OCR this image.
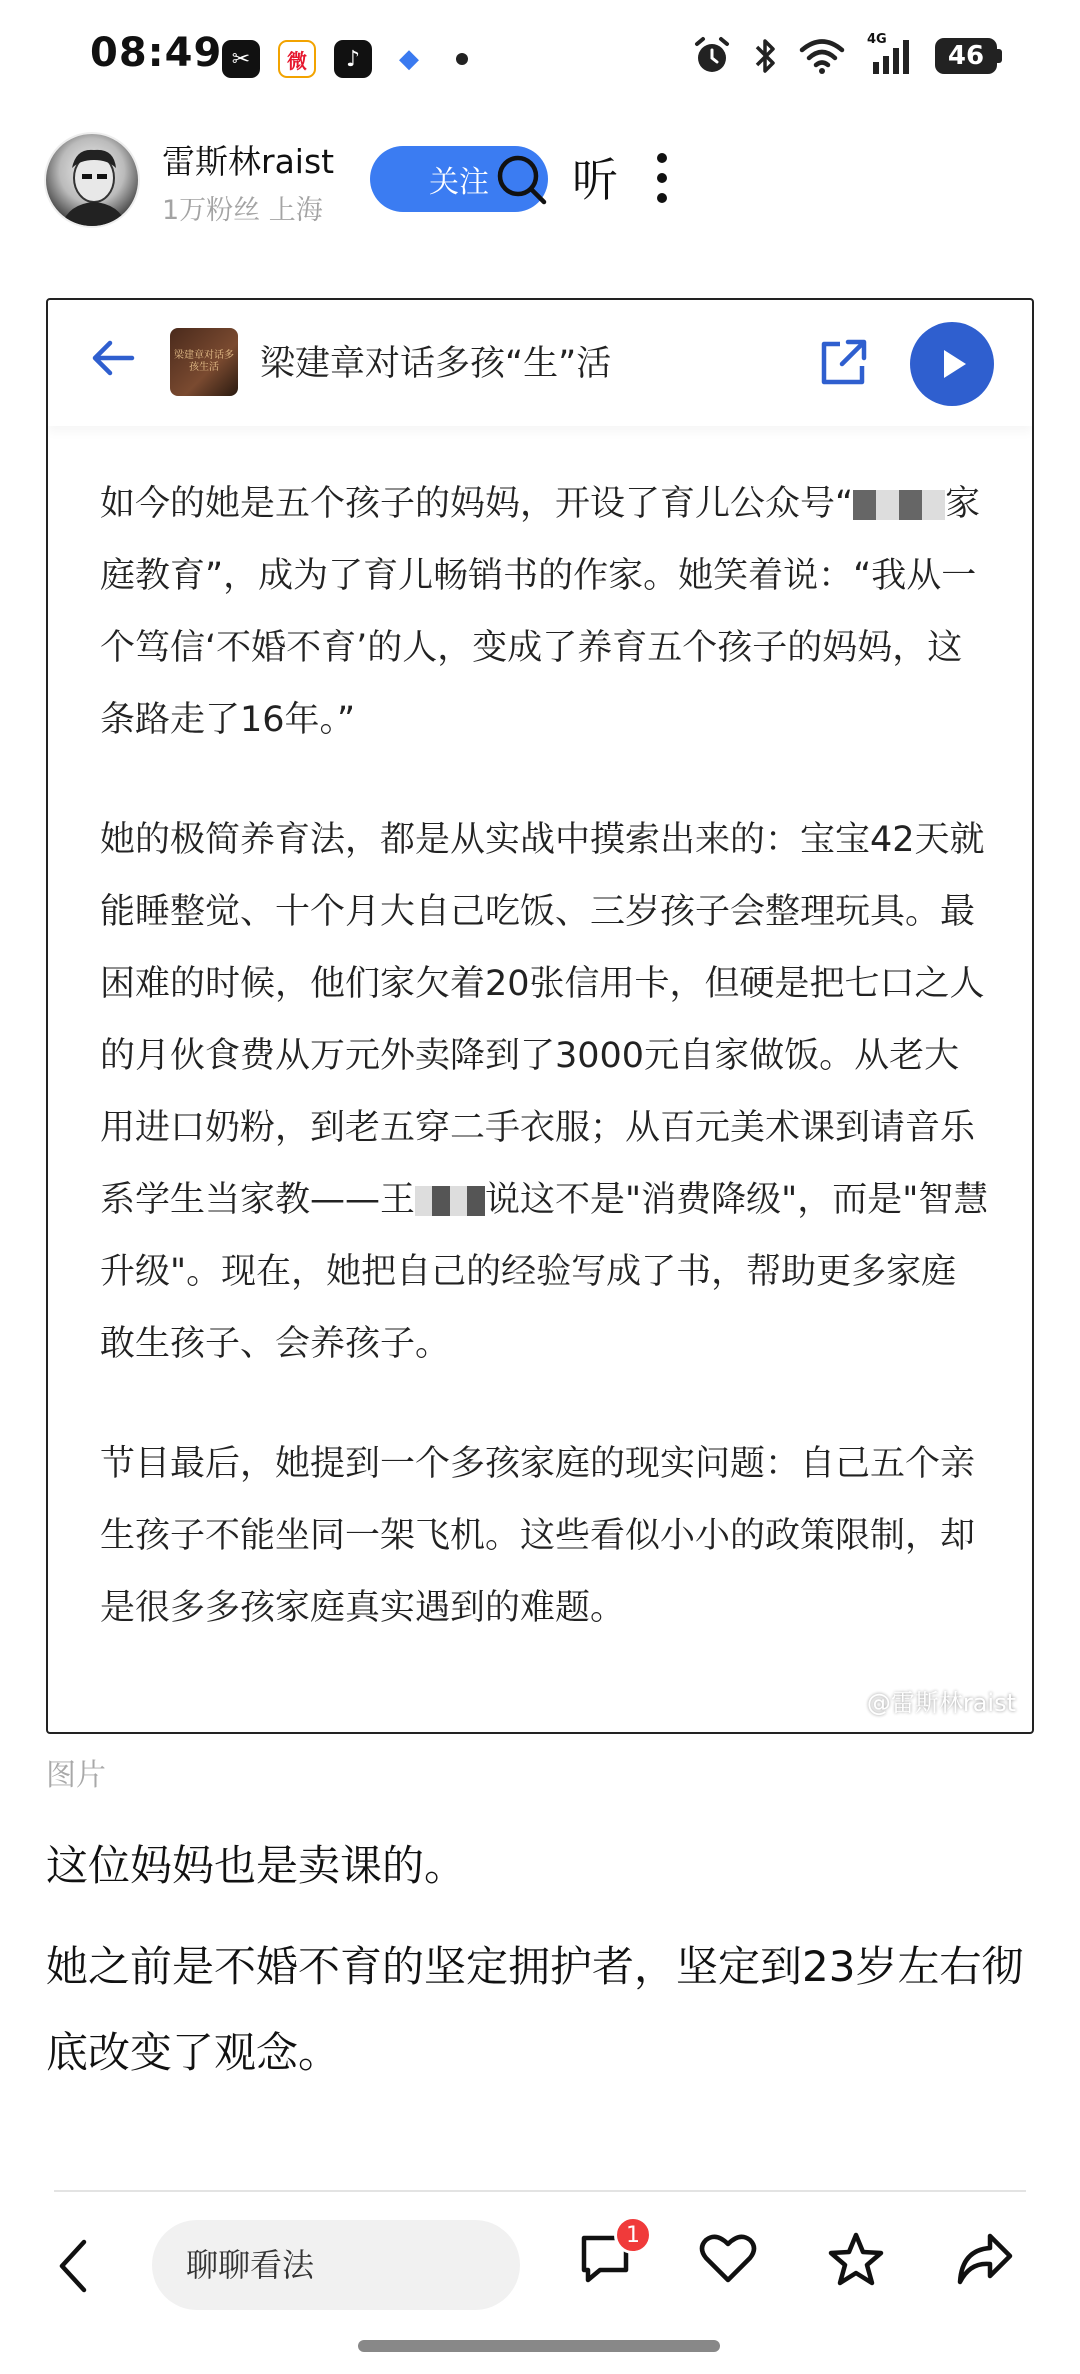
08:49 ✂	微	♪	◆
4G
46
雷斯林raist
1万粉丝 上海
关注	听
梁建章对话多孩生活	梁建章对话多孩“生”活

如今的她是五个孩子的妈妈，开设了育儿公众号“	家庭教育”，成为了育儿畅销书的作家。她笑着说：“我从一个笃信‘不婚不育’的人，变成了养育五个孩子的妈妈，这条路走了16年。”

她的极简养育法，都是从实战中摸索出来的：宝宝42天就能睡整觉、十个月大自己吃饭、三岁孩子会整理玩具。最困难的时候，他们家欠着20张信用卡，但硬是把七口之人的月伙食费从万元外卖降到了3000元自家做饭。从老大用进口奶粉，到老五穿二手衣服；从百元美术课到请音乐系学生当家教——王 说这不是"消费降级"，而是"智慧升级"。现在，她把自己的经验写成了书，帮助更多家庭敢生孩子、会养孩子。

节目最后，她提到一个多孩家庭的现实问题：自己五个亲生孩子不能坐同一架飞机。这些看似小小的政策限制，却是很多多孩家庭真实遇到的难题。

@雷斯林raist
图片
这位妈妈也是卖课的。
她之前是不婚不育的坚定拥护者，坚定到23岁左右彻底改变了观念。
聊聊看法
1
